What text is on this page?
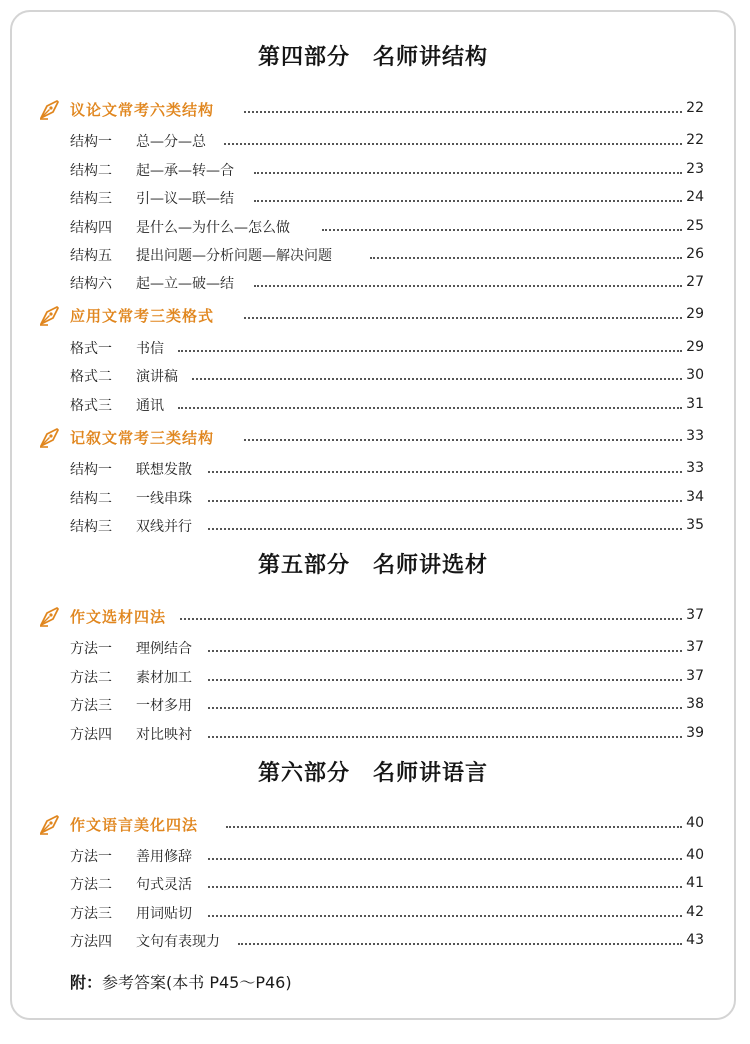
第四部分　名师讲结构
议论文常考六类结构	22
结构一 总—分—总	22
结构二 起—承—转—合	23
结构三 引—议—联—结	24
结构四 是什么—为什么—怎么做	25
结构五 提出问题—分析问题—解决问题	26
结构六 起—立—破—结	27
应用文常考三类格式	29
格式一 书信	29
格式二 演讲稿	30
格式三 通讯	31
记叙文常考三类结构	33
结构一 联想发散	33
结构二 一线串珠	34
结构三 双线并行	35
第五部分　名师讲选材
作文选材四法	37
方法一 理例结合	37
方法二 素材加工	37
方法三 一材多用	38
方法四 对比映衬	39
第六部分　名师讲语言
作文语言美化四法	40
方法一 善用修辞	40
方法二 句式灵活	41
方法三 用词贴切	42
方法四 文句有表现力	43
附：参考答案(本书 P45～P46)
